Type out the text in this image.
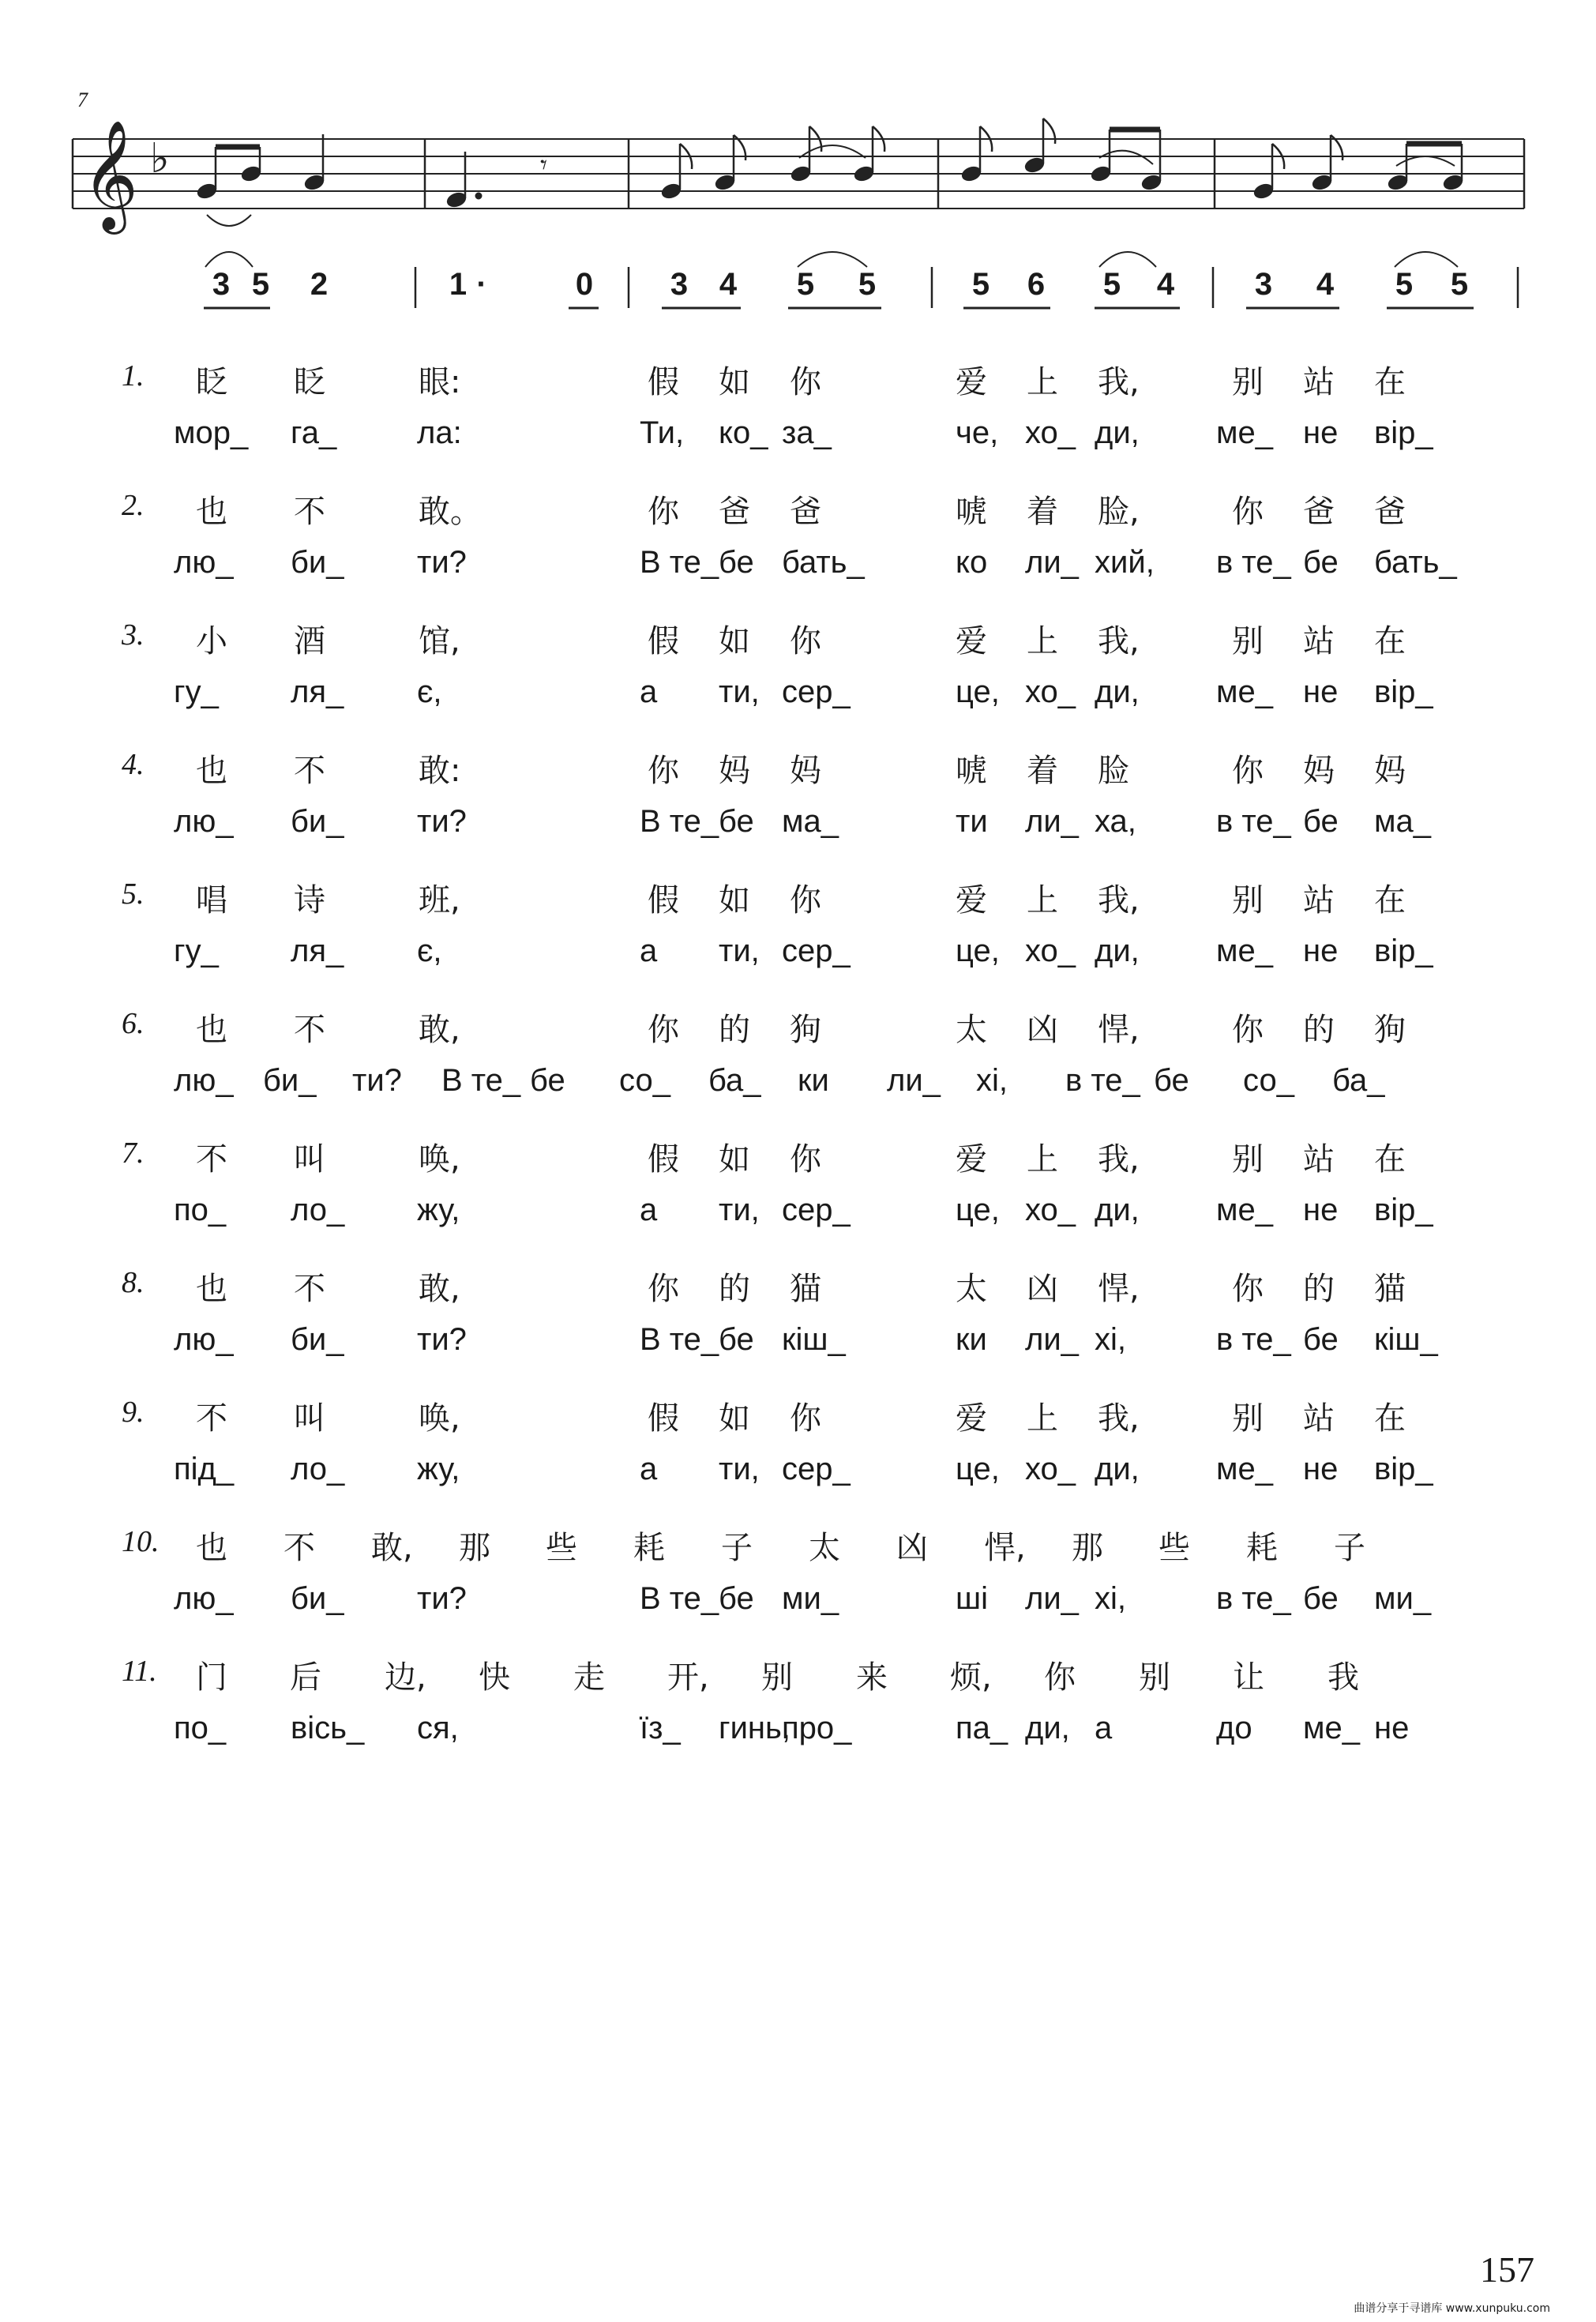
7
𝄞 ♭	𝄾
3 5 2	1 ·	0 3 4 5 5	5 6 5 4	3 4 5 5
1. 眨 眨	眼:	假 如 你	爱 上 我,	别 站 在
мор_ га_	ла:	Ти, ко_ за_	че, хо_ ди, ме_ не вір_
2. 也 不	敢。	你 爸 爸	唬 着 脸,	你 爸 爸
лю_ би_ ти?	В те_ бе бать_	ко ли_ хий, в те_ бе бать_
3. 小 酒	馆,	假 如 你	爱 上 我,	别 站 在
гу_ ля_ є,	а ти, сер_	це, хо_ ди, ме_ не вір_
4. 也 不	敢:	你 妈 妈	唬 着 脸	你 妈 妈
лю_ би_ ти?	В те_ бе ма_	ти ли_ ха,	в те_ бе ма_
5. 唱 诗	班,	假 如 你	爱 上 我,	别 站 在
гу_ ля_ є,	а ти, сер_	це, хо_ ди, ме_ не вір_
6. 也 不	敢,	你 的 狗	太 凶 悍,	你 的 狗
лю_ би_ ти? В те_ бе со_ ба_ ки ли_ хі, в те_ бе со_ ба_
7. 不 叫	唤,	假 如 你	爱 上 我,	别 站 在
по_ ло_ жу,	а ти, сер_	це, хо_ ди, ме_ не вір_
8. 也 不	敢,	你 的 猫	太 凶 悍,	你 的 猫
лю_ би_ ти?	В те_ бе кіш_	ки ли_ хі,	в те_ бе кіш_
9. 不 叫	唤,	假 如 你	爱 上 我,	别 站 在
під_ ло_ жу,	а ти, сер_	це, хо_ ди, ме_ не вір_
10. 也 不 敢, 那 些 耗 子 太 凶 悍, 那 些 耗 子
лю_ би_ ти?	В те_ бе ми_	ші ли_ хі,	в те_ бе ми_
11. 门 后 边, 快 走 开, 别 来 烦, 你 别 让 我
по_ вісь_ ся,	їз_ гинь,
про_	па_ ди, а	до ме_ не
157
曲谱分享于寻谱库 www.xunpuku.com
